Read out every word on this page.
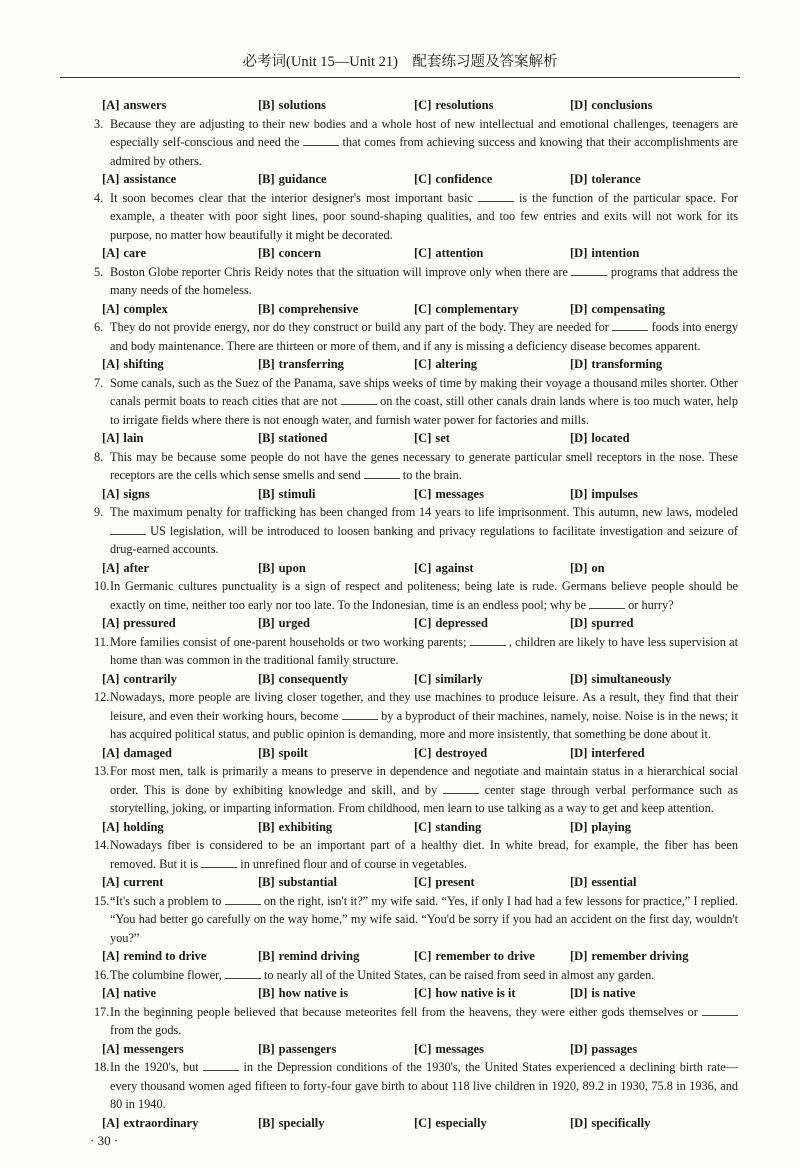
必考词(Unit 15—Unit 21)　配套练习题及答案解析
[A] answers	[B] solutions	[C] resolutions	[D] conclusions

3. Because they are adjusting to their new bodies and a whole host of new intellectual and emotional challenges, teenagers are especially self-conscious and need the	that comes from achieving success and knowing that their accomplishments are admired by others.

[A] assistance	[B] guidance	[C] confidence	[D] tolerance

4. It soon becomes clear that the interior designer's most important basic	is the function of the particular space. For example, a theater with poor sight lines, poor sound-shaping qualities, and too few entries and exits will not work for its purpose, no matter how beautifully it might be decorated.

[A] care	[B] concern	[C] attention	[D] intention

5. Boston Globe reporter Chris Reidy notes that the situation will improve only when there are	programs that address the many needs of the homeless.

[A] complex	[B] comprehensive	[C] complementary	[D] compensating

6. They do not provide energy, nor do they construct or build any part of the body. They are needed for	foods into energy and body maintenance. There are thirteen or more of them, and if any is missing a deficiency disease becomes apparent.

[A] shifting	[B] transferring	[C] altering	[D] transforming

7. Some canals, such as the Suez of the Panama, save ships weeks of time by making their voyage a thousand miles shorter. Other canals permit boats to reach cities that are not	on the coast, still other canals drain lands where is too much water, help to irrigate fields where there is not enough water, and furnish water power for factories and mills.

[A] lain	[B] stationed	[C] set	[D] located

8. This may be because some people do not have the genes necessary to generate particular smell receptors in the nose. These receptors are the cells which sense smells and send	to the brain.

[A] signs	[B] stimuli	[C] messages	[D] impulses

9. The maximum penalty for trafficking has been changed from 14 years to life imprisonment. This autumn, new laws, modeled  US legislation, will be introduced to loosen banking and privacy regulations to facilitate investigation and seizure of drug-earned accounts.

[A] after	[B] upon	[C] against	[D] on

10.In Germanic cultures punctuality is a sign of respect and politeness; being late is rude. Germans believe people should be exactly on time, neither too early nor too late. To the Indonesian, time is an endless pool; why be	or hurry?

[A] pressured	[B] urged	[C] depressed	[D] spurred

11.More families consist of one-parent households or two working parents;	, children are likely to have less supervision at home than was common in the traditional family structure.

[A] contrarily	[B] consequently	[C] similarly	[D] simultaneously

12.Nowadays, more people are living closer together, and they use machines to produce leisure. As a result, they find that their leisure, and even their working hours, become	by a byproduct of their machines, namely, noise. Noise is in the news; it has acquired political status, and public opinion is demanding, more and more insistently, that something be done about it.

[A] damaged	[B] spoilt	[C] destroyed	[D] interfered

13.For most men, talk is primarily a means to preserve in dependence and negotiate and maintain status in a hierarchical social order. This is done by exhibiting knowledge and skill, and by	center stage through verbal performance such as storytelling, joking, or imparting information. From childhood, men learn to use talking as a way to get and keep attention.

[A] holding	[B] exhibiting	[C] standing	[D] playing

14.Nowadays fiber is considered to be an important part of a healthy diet. In white bread, for example, the fiber has been removed. But it is	in unrefined flour and of course in vegetables.

[A] current	[B] substantial	[C] present	[D] essential

15.“It's such a problem to	on the right, isn't it?” my wife said. “Yes, if only I had had a few lessons for practice,” I replied. “You had better go carefully on the way home,” my wife said. “You'd be sorry if you had an accident on the first day, wouldn't you?”

[A] remind to drive	[B] remind driving	[C] remember to drive	[D] remember driving

16.The columbine flower,	to nearly all of the United States, can be raised from seed in almost any garden.

[A] native	[B] how native is	[C] how native is it	[D] is native

17.In the beginning people believed that because meteorites fell from the heavens, they were either gods themselves or  from the gods.

[A] messengers	[B] passengers	[C] messages	[D] passages

18.In the 1920's, but	in the Depression conditions of the 1930's, the United States experienced a declining birth rate—every thousand women aged fifteen to forty-four gave birth to about 118 live children in 1920, 89.2 in 1930, 75.8 in 1936, and 80 in 1940.

[A] extraordinary	[B] specially	[C] especially	[D] specifically
· 30 ·
